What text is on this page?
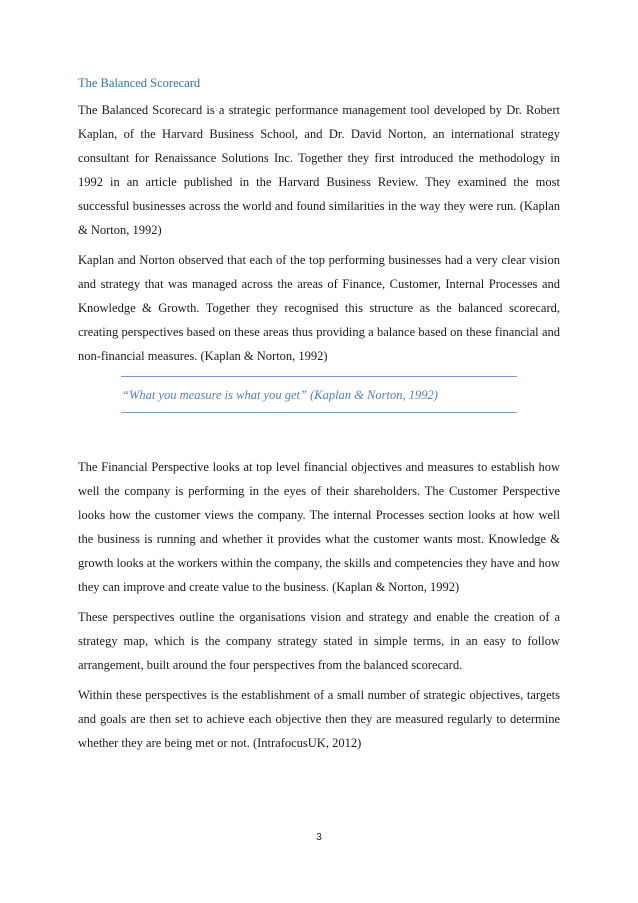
The Balanced Scorecard

The Balanced Scorecard is a strategic performance management tool developed by Dr. Robert Kaplan, of the Harvard Business School, and Dr. David Norton, an international strategy consultant for Renaissance Solutions Inc. Together they first introduced the methodology in 1992 in an article published in the Harvard Business Review. They examined the most successful businesses across the world and found similarities in the way they were run. (Kaplan & Norton, 1992)

Kaplan and Norton observed that each of the top performing businesses had a very clear vision and strategy that was managed across the areas of Finance, Customer, Internal Processes and Knowledge & Growth. Together they recognised this structure as the balanced scorecard, creating perspectives based on these areas thus providing a balance based on these financial and non-financial measures. (Kaplan & Norton, 1992)

“What you measure is what you get” (Kaplan & Norton, 1992)

The Financial Perspective looks at top level financial objectives and measures to establish how well the company is performing in the eyes of their shareholders. The Customer Perspective looks how the customer views the company. The internal Processes section looks at how well the business is running and whether it provides what the customer wants most. Knowledge & growth looks at the workers within the company, the skills and competencies they have and how they can improve and create value to the business. (Kaplan & Norton, 1992)

These perspectives outline the organisations vision and strategy and enable the creation of a strategy map, which is the company strategy stated in simple terms, in an easy to follow arrangement, built around the four perspectives from the balanced scorecard.

Within these perspectives is the establishment of a small number of strategic objectives, targets and goals are then set to achieve each objective then they are measured regularly to determine whether they are being met or not. (IntrafocusUK, 2012)

3
